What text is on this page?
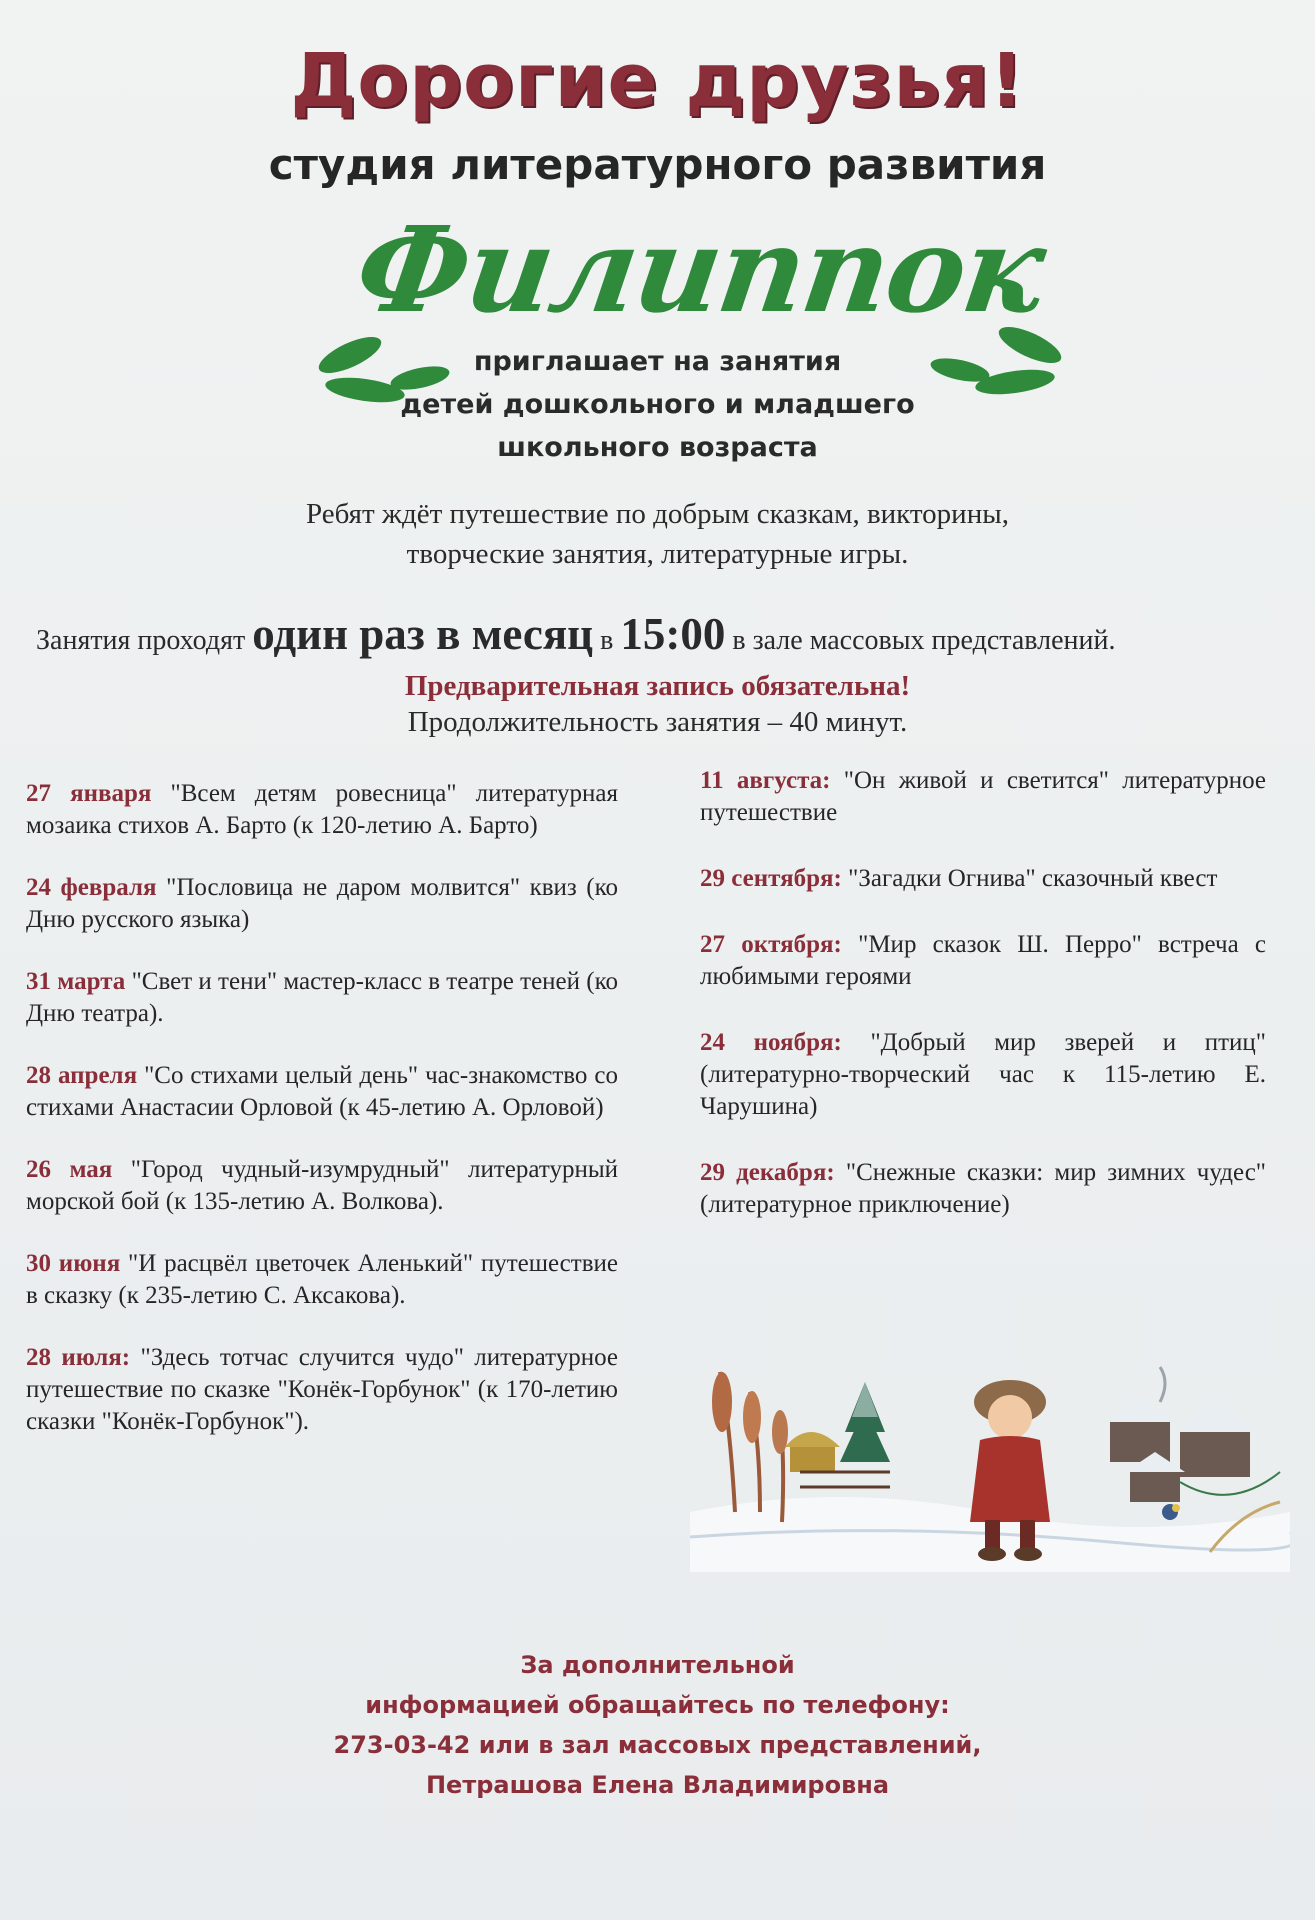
Дорогие друзья!
студия литературного развития
Филиппок
приглашает на занятия
детей дошкольного и младшего
школьного возраста
Ребят ждёт путешествие по добрым сказкам, викторины,
творческие занятия, литературные игры.
Занятия проходят один раз в месяц в 15:00 в зале массовых представлений.
Предварительная запись обязательна!
Продолжительность занятия – 40 минут.
27 января "Всем детям ровесница" литературная мозаика стихов А. Барто (к 120-летию А. Барто)
24 февраля "Пословица не даром молвится" квиз (ко Дню русского языка)
31 марта "Свет и тени" мастер-класс в театре теней (ко Дню театра).
28 апреля "Со стихами целый день" час-знакомство со стихами Анастасии Орловой (к 45-летию А. Орловой)
26 мая "Город чудный-изумрудный" литературный морской бой (к 135-летию А. Волкова).
30 июня "И расцвёл цветочек Аленький" путешествие в сказку (к 235-летию С. Аксакова).
28 июля: "Здесь тотчас случится чудо" литературное путешествие по сказке "Конёк-Горбунок" (к 170-летию сказки "Конёк-Горбунок").
11 августа: "Он живой и светится" литературное путешествие
29 сентября: "Загадки Огнива" сказочный квест
27 октября: "Мир сказок Ш. Перро" встреча с любимыми героями
24 ноября: "Добрый мир зверей и птиц" (литературно-творческий час к 115-летию Е. Чарушина)
29 декабря: "Снежные сказки: мир зимних чудес" (литературное приключение)
За дополнительной
информацией обращайтесь по телефону:
273-03-42 или в зал массовых представлений,
Петрашова Елена Владимировна
